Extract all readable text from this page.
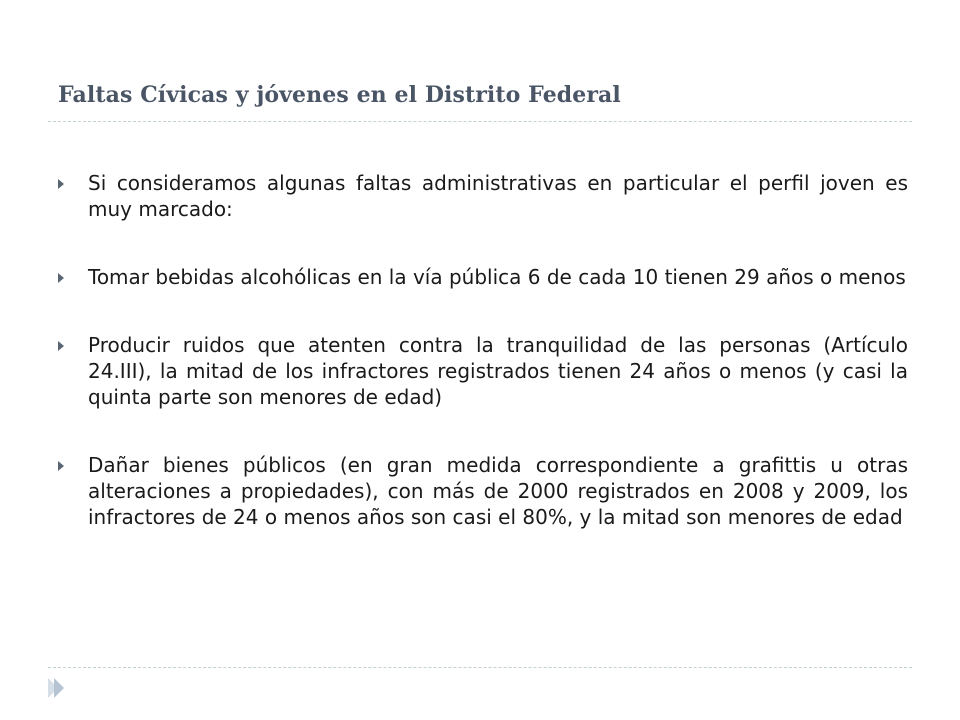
Faltas Cívicas y jóvenes en el Distrito Federal
Si consideramos algunas faltas administrativas en particular el perfil joven es muy marcado:
Tomar bebidas alcohólicas en la vía pública 6 de cada 10 tienen 29 años o menos
Producir ruidos que atenten contra la tranquilidad de las personas (Artículo 24.III), la mitad de los infractores registrados tienen 24 años o menos (y casi la quinta parte son menores de edad)
Dañar bienes públicos (en gran medida correspondiente a grafittis u otras alteraciones a propiedades), con más de 2000 registrados en 2008 y 2009, los infractores de 24 o menos años son casi el 80%, y la mitad son menores de edad
